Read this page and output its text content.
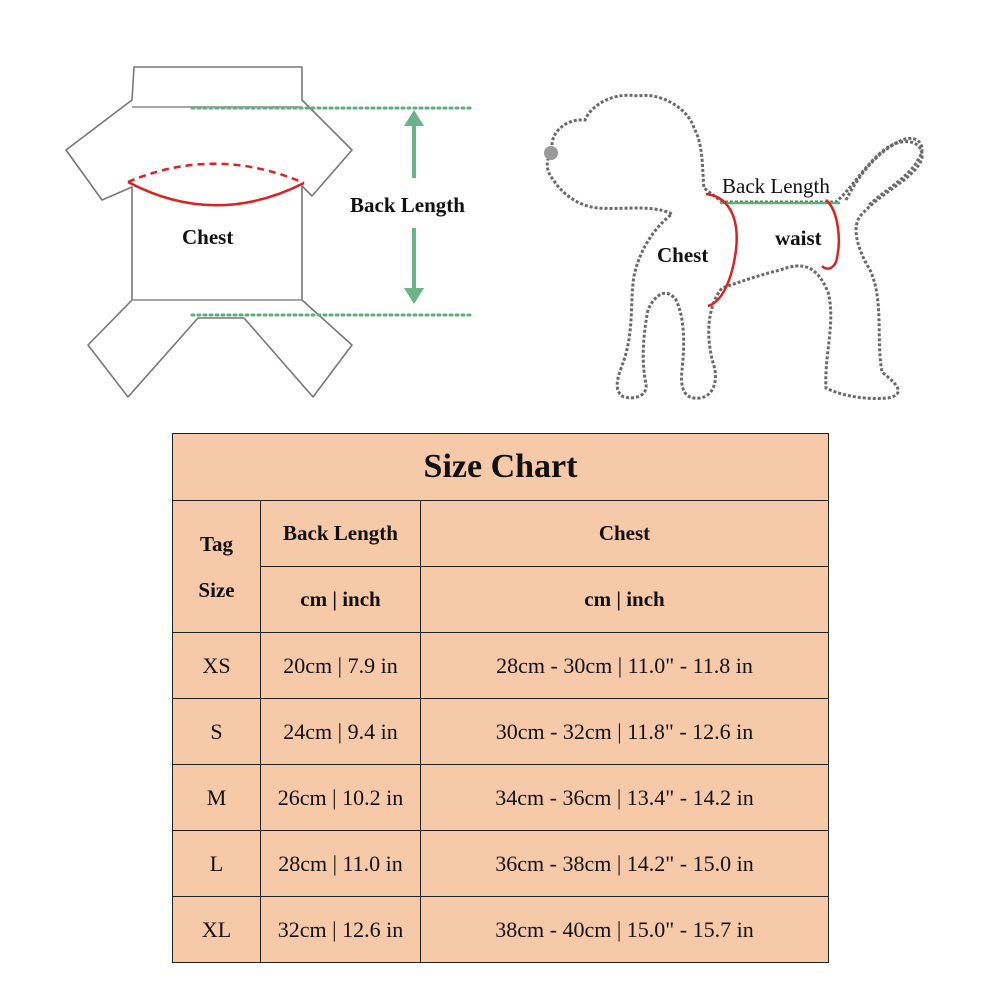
Chest
Back Length
Back Length
Chest
waist
Size Chart		
Tag
Size	Back Length	Chest
	cm | inch	cm | inch
XS	20cm | 7.9 in	28cm - 30cm | 11.0" - 11.8 in
S	24cm | 9.4 in	30cm - 32cm | 11.8" - 12.6 in
M	26cm | 10.2 in	34cm - 36cm | 13.4" - 14.2 in
L	28cm | 11.0 in	36cm - 38cm | 14.2" - 15.0 in
XL	32cm | 12.6 in	38cm - 40cm | 15.0" - 15.7 in
